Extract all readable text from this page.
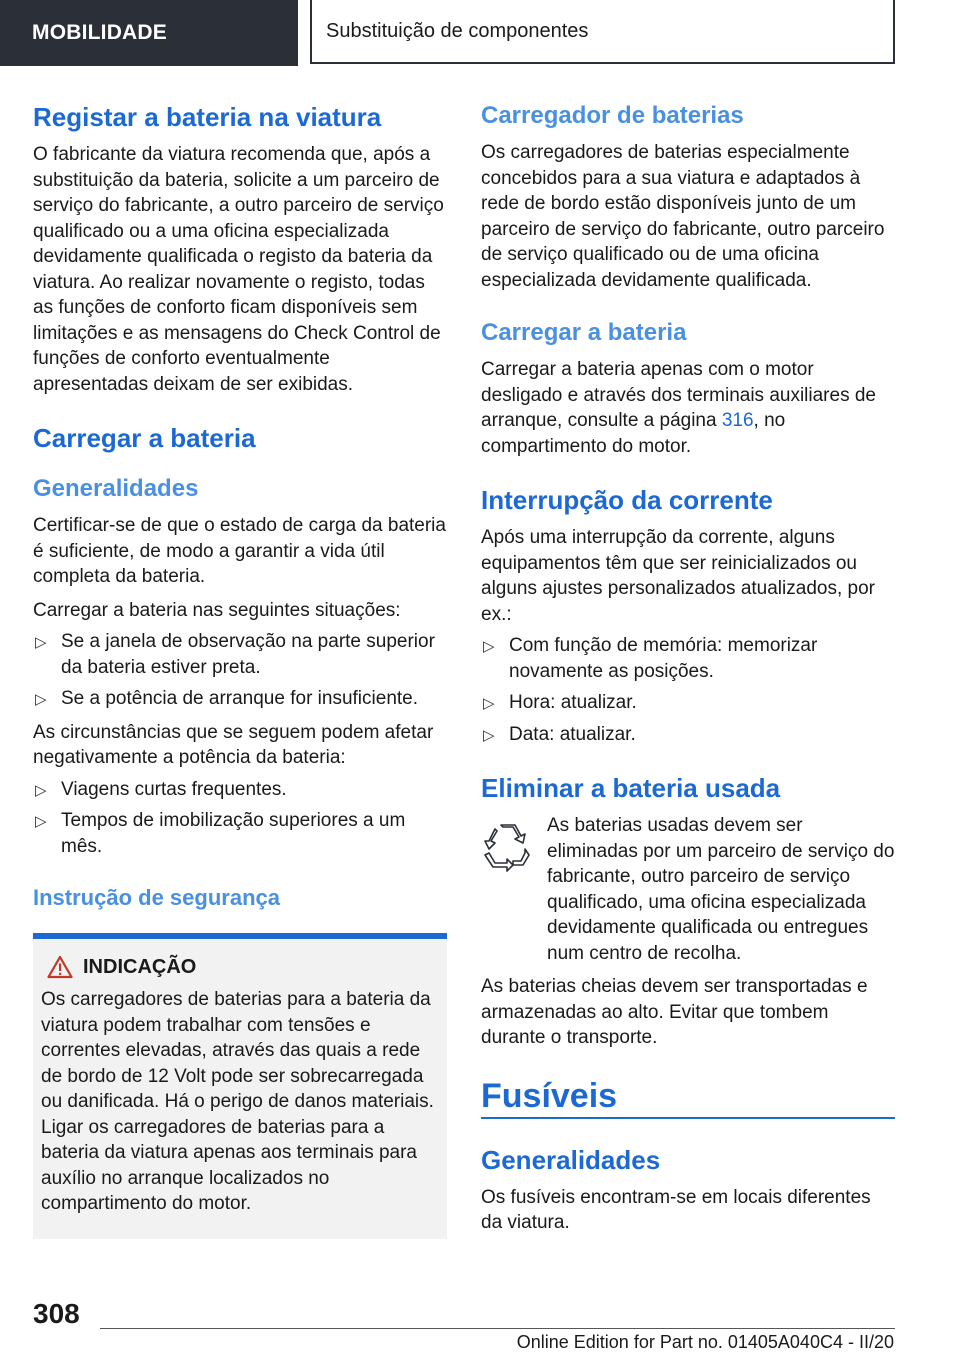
MOBILIDADE	Substituição de componentes
Registar a bateria na viatura

O fabricante da viatura recomenda que, após a substituição da bateria, solicite a um parceiro de serviço do fabricante, a outro parceiro de serviço qualificado ou a uma oficina especializada devidamente qualificada o registo da bateria da viatura. Ao realizar novamente o registo, todas as funções de conforto ficam disponíveis sem limitações e as mensagens do Check Control de funções de conforto eventualmente apresentadas deixam de ser exibidas.

Carregar a bateria
Generalidades

Certificar-se de que o estado de carga da bateria é suficiente, de modo a garantir a vida útil completa da bateria.

Carregar a bateria nas seguintes situações:

▷ Se a janela de observação na parte superior da bateria estiver preta.
▷ Se a potência de arranque for insuficiente.

As circunstâncias que se seguem podem afetar negativamente a potência da bateria:

▷ Viagens curtas frequentes.
▷ Tempos de imobilização superiores a um mês.
Instrução de segurança
INDICAÇÃO

Os carregadores de baterias para a bateria da viatura podem trabalhar com tensões e correntes elevadas, através das quais a rede de bordo de 12 Volt pode ser sobrecarregada ou danificada. Há o perigo de danos materiais. Ligar os carregadores de baterias para a bateria da viatura apenas aos terminais para auxílio no arranque localizados no compartimento do motor.

Carregador de baterias

Os carregadores de baterias especialmente concebidos para a sua viatura e adaptados à rede de bordo estão disponíveis junto de um parceiro de serviço do fabricante, outro parceiro de serviço qualificado ou de uma oficina especializada devidamente qualificada.

Carregar a bateria

Carregar a bateria apenas com o motor desligado e através dos terminais auxiliares de arranque, consulte a página 316, no compartimento do motor.

Interrupção da corrente

Após uma interrupção da corrente, alguns equipamentos têm que ser reinicializados ou alguns ajustes personalizados atualizados, por ex.:

▷ Com função de memória: memorizar novamente as posições.
▷ Hora: atualizar.
▷ Data: atualizar.
Eliminar a bateria usada

As baterias usadas devem ser eliminadas por um parceiro de serviço do fabricante, outro parceiro de serviço qualificado, uma oficina especializada devidamente qualificada ou entregues num centro de recolha.

As baterias cheias devem ser transportadas e armazenadas ao alto. Evitar que tombem durante o transporte.

Fusíveis
Generalidades

Os fusíveis encontram-se em locais diferentes da viatura.

308
Online Edition for Part no. 01405A040C4 - II/20
